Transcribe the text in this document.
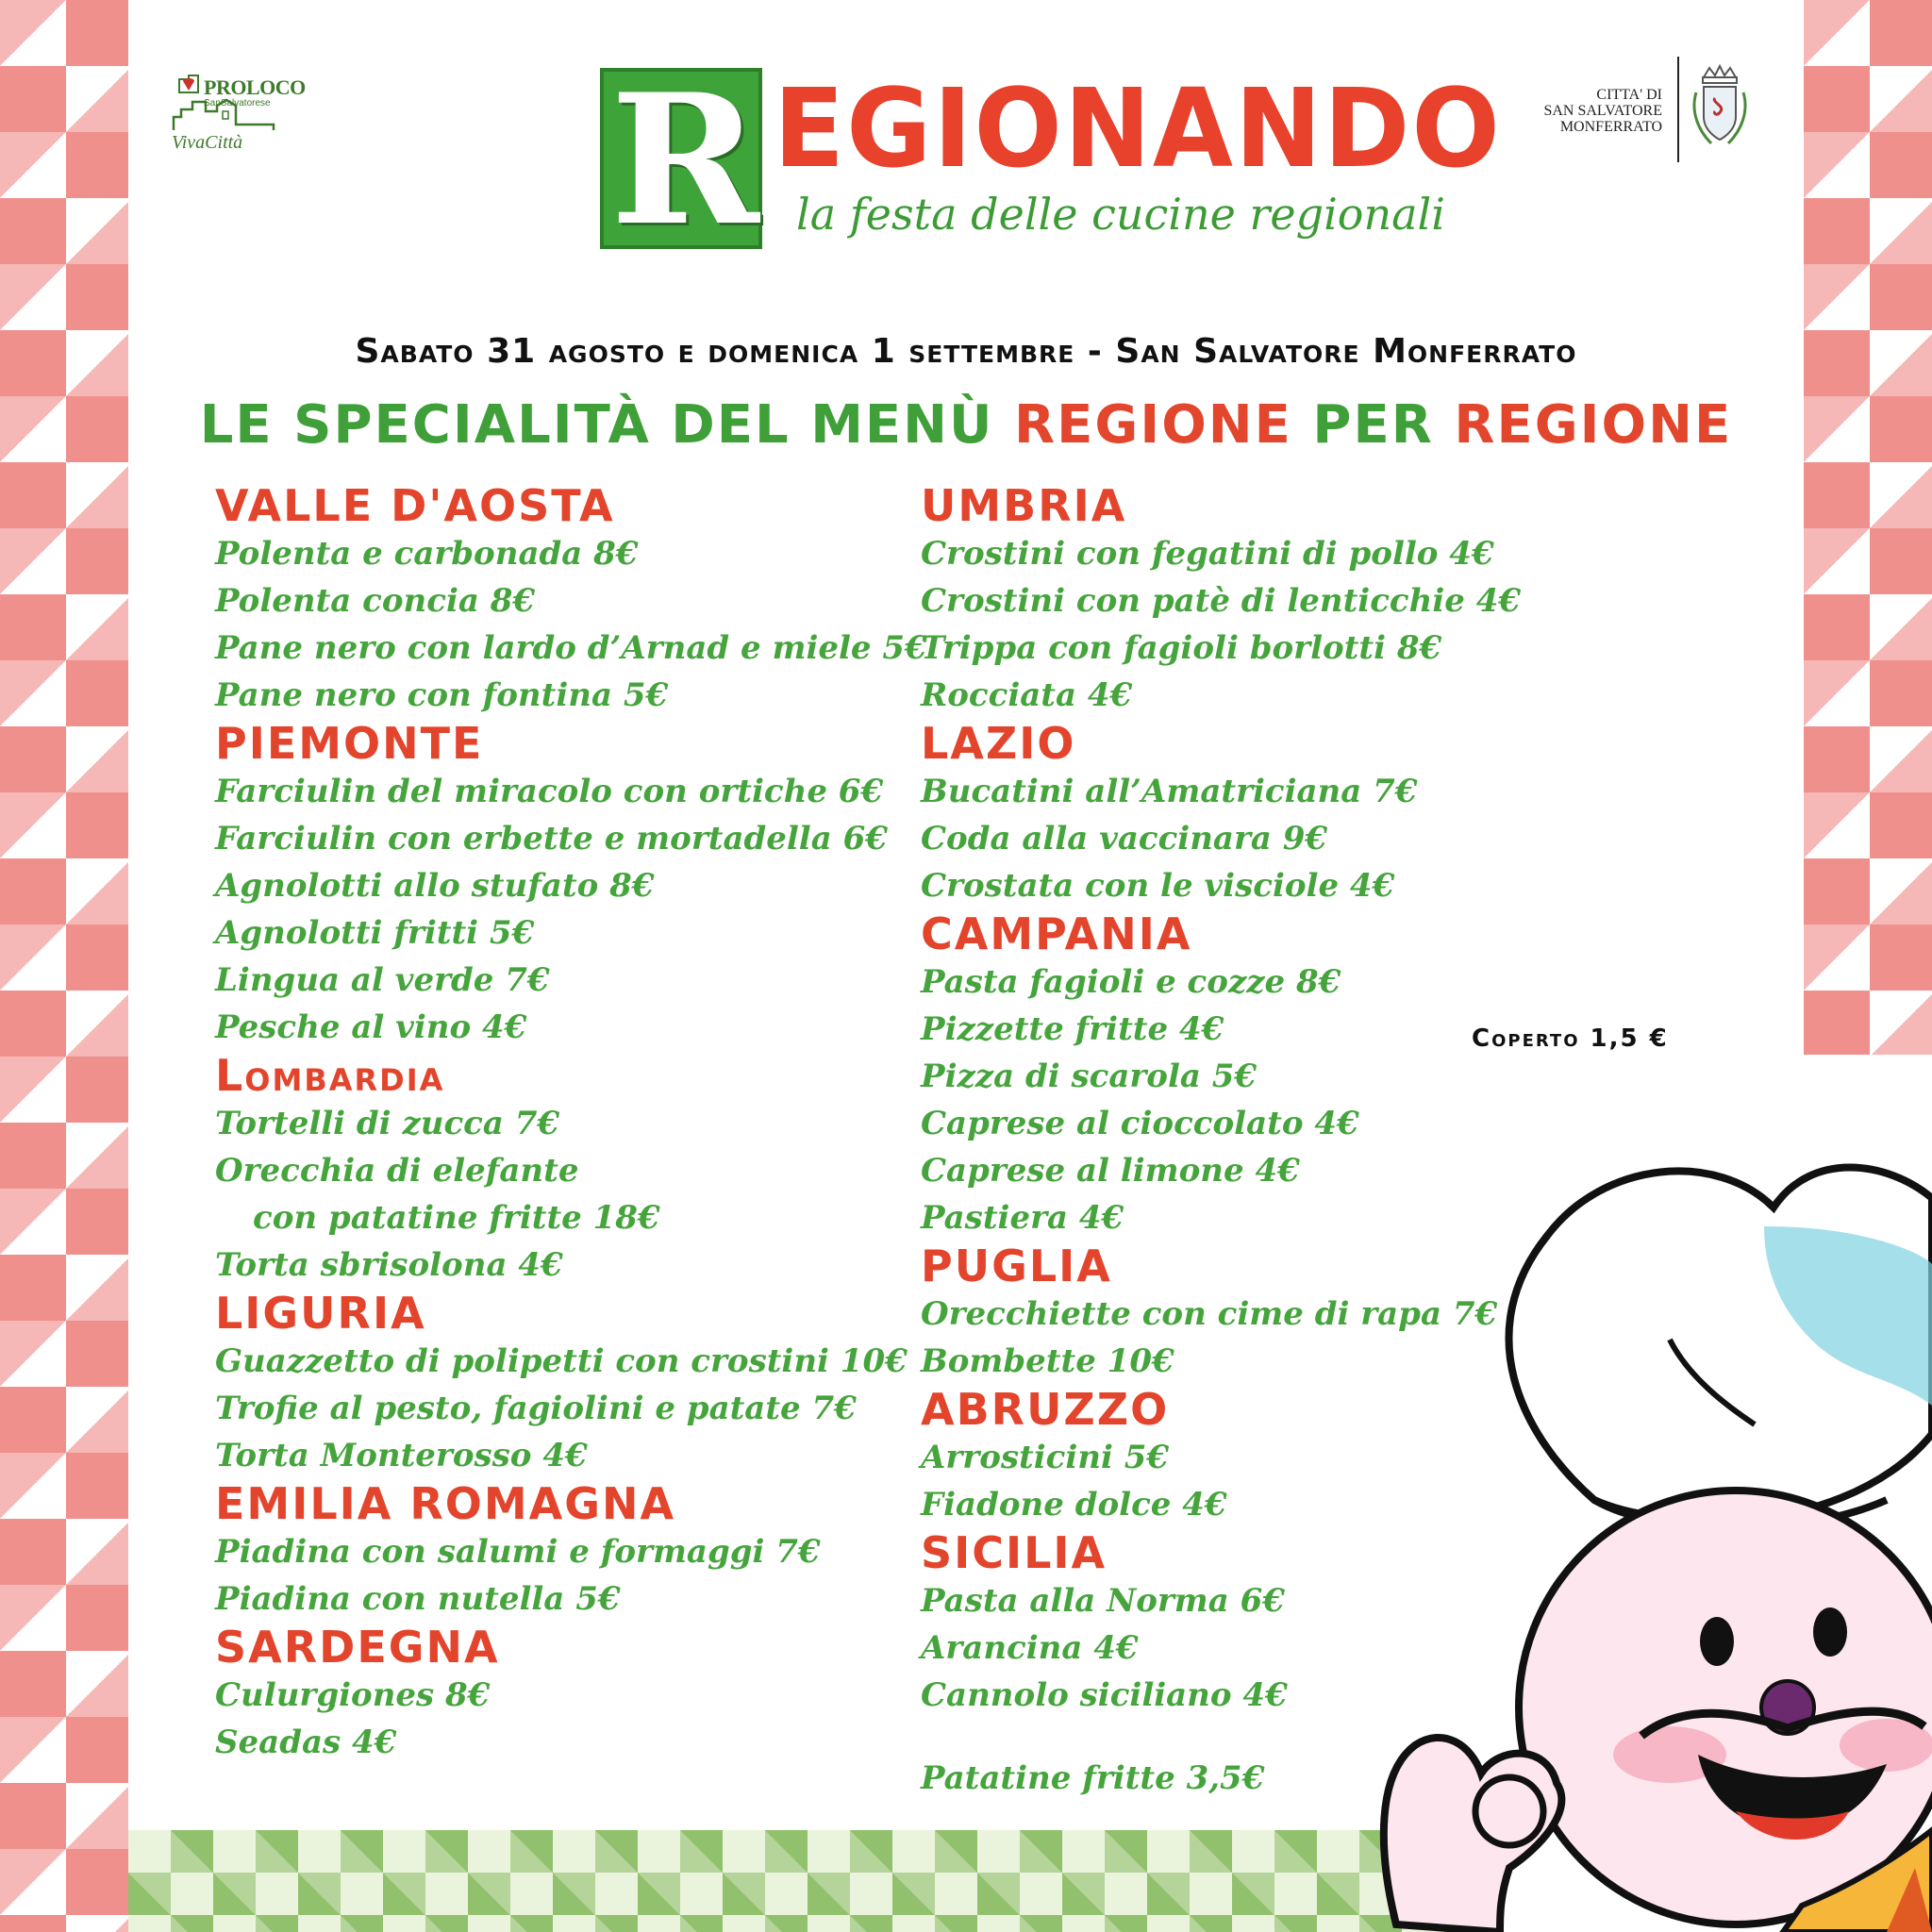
PROLOCO
SanSalvatorese
VivaCittà R EGIONANDO
la festa delle cucine regionali
CITTA' DI
SAN SALVATORE
MONFERRATO
Sabato 31 agosto e domenica 1 settembre - San Salvatore Monferrato
LE SPECIALITÀ DEL MENÙ REGIONE PER REGIONE
VALLE D'AOSTA
Polenta e carbonada 8€
Polenta concia 8€
Pane nero con lardo d’Arnad e miele 5€
Pane nero con fontina 5€
PIEMONTE
Farciulin del miracolo con ortiche 6€
Farciulin con erbette e mortadella 6€
Agnolotti allo stufato 8€
Agnolotti fritti 5€
Lingua al verde 7€
Pesche al vino 4€
Lombardia
Tortelli di zucca 7€
Orecchia di elefante
con patatine fritte 18€
Torta sbrisolona 4€
LIGURIA
Guazzetto di polipetti con crostini 10€
Trofie al pesto, fagiolini e patate 7€
Torta Monterosso 4€
EMILIA ROMAGNA
Piadina con salumi e formaggi 7€
Piadina con nutella 5€
SARDEGNA
Culurgiones 8€
Seadas 4€
UMBRIA
Crostini con fegatini di pollo 4€
Crostini con patè di lenticchie 4€
Trippa con fagioli borlotti 8€
Rocciata 4€
LAZIO
Bucatini all’Amatriciana 7€
Coda alla vaccinara 9€
Crostata con le visciole 4€
CAMPANIA
Pasta fagioli e cozze 8€
Pizzette fritte 4€
Pizza di scarola 5€
Caprese al cioccolato 4€
Caprese al limone 4€
Pastiera 4€
PUGLIA
Orecchiette con cime di rapa 7€
Bombette 10€
ABRUZZO
Arrosticini 5€
Fiadone dolce 4€
SICILIA
Pasta alla Norma 6€
Arancina 4€
Cannolo siciliano 4€
Patatine fritte 3,5€
Coperto 1,5 €
